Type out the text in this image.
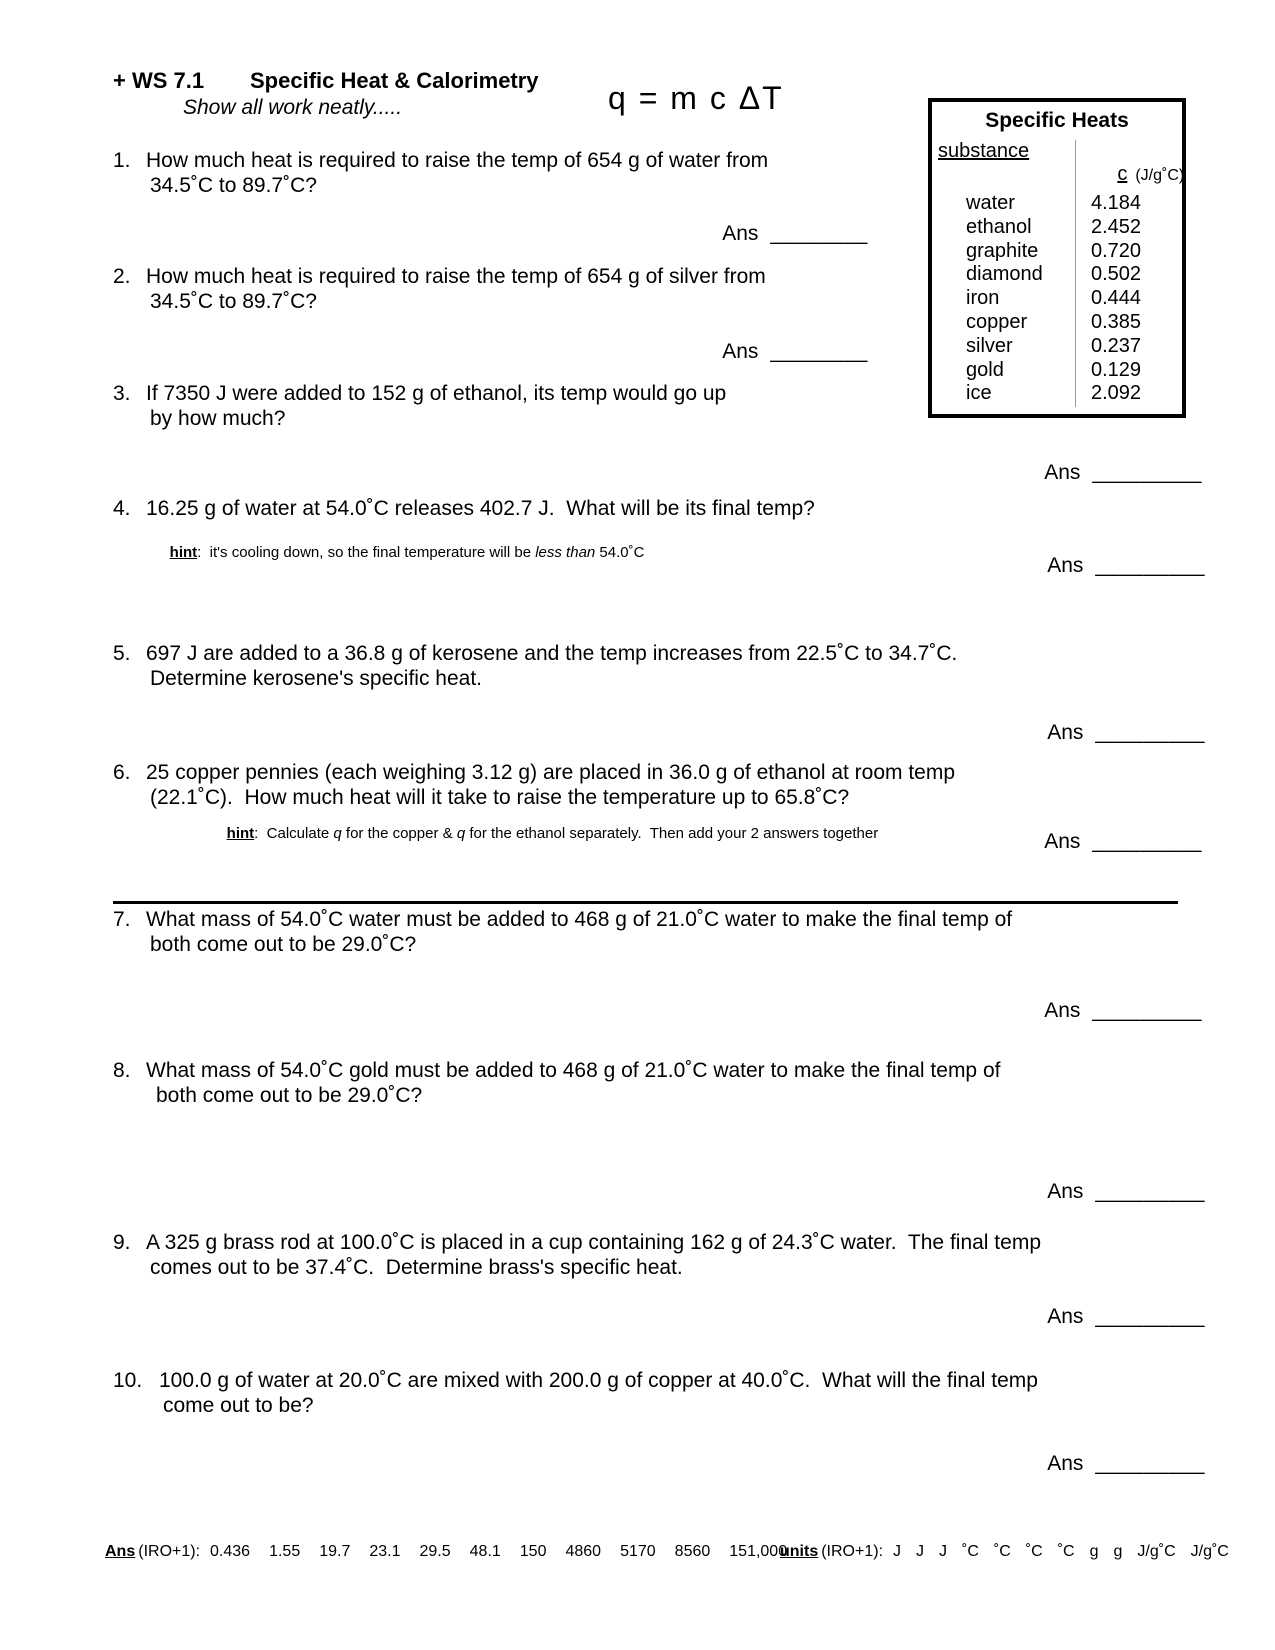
+ WS 7.1 Specific Heat & Calorimetry
Show all work neatly.....	q = m c ΔT
Specific Heats
substance

c (J/g˚C)

water	4.184
ethanol	2.452
graphite	0.720
diamond	0.502
iron	0.444
copper	0.385
silver	0.237
gold	0.129
ice	2.092
1. How much heat is required to raise the temp of 654 g of water from
34.5˚C to 89.7˚C?

Ans ________

2. How much heat is required to raise the temp of 654 g of silver from
34.5˚C to 89.7˚C?

Ans ________

3. If 7350 J were added to 152 g of ethanol, its temp would go up
by how much?

Ans _________

4. 16.25 g of water at 54.0˚C releases 402.7 J.  What will be its final temp?

hint:  it's cooling down, so the final temperature will be less than 54.0˚C

Ans _________

5. 697 J are added to a 36.8 g of kerosene and the temp increases from 22.5˚C to 34.7˚C.
Determine kerosene's specific heat.

Ans _________

6. 25 copper pennies (each weighing 3.12 g) are placed in 36.0 g of ethanol at room temp
(22.1˚C).  How much heat will it take to raise the temperature up to 65.8˚C?

hint:  Calculate q for the copper & q for the ethanol separately.  Then add your 2 answers together
	Ans _________

7. What mass of 54.0˚C water must be added to 468 g of 21.0˚C water to make the final temp of
both come out to be 29.0˚C?

Ans _________

8. What mass of 54.0˚C gold must be added to 468 g of 21.0˚C water to make the final temp of
both come out to be 29.0˚C?

Ans _________

9. A 325 g brass rod at 100.0˚C is placed in a cup containing 162 g of 24.3˚C water.  The final temp
comes out to be 37.4˚C.  Determine brass's specific heat.

Ans _________

10. 100.0 g of water at 20.0˚C are mixed with 200.0 g of copper at 40.0˚C.  What will the final temp
come out to be?

Ans _________

Ans (IRO+1): 0.436 1.55 19.7 23.1 29.5 48.1 150 4860 5170 8560 151,000
units (IRO+1): J J J ˚C ˚C ˚C ˚C g g J/g˚C J/g˚C
